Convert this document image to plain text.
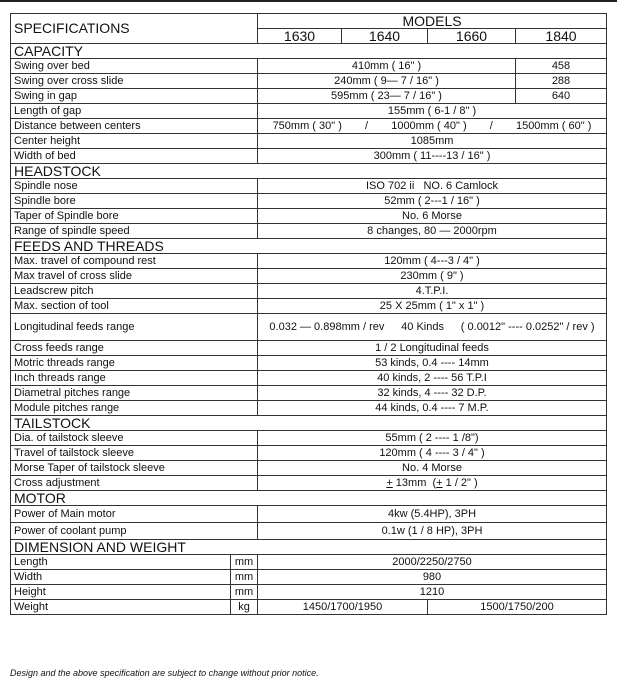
SPECIFICATIONS		MODELS			
		1630	1640	1660	1840
CAPACITY					
Swing over bed		410mm ( 16" )			458
Swing over cross slide		240mm ( 9— 7 / 16" )			288
Swing in gap		595mm ( 23— 7 / 16" )			640
Length of gap		155mm ( 6-1 / 8" )			
Distance between centers		750mm ( 30" ) / 1000mm ( 40" ) / 1500mm ( 60" )			

Center height		1085mm			
Width of bed		300mm ( 11----13 / 16" )			
HEADSTOCK					
Spindle nose		ISO 702 ii   NO. 6 Camlock			
Spindle bore		52mm ( 2---1 / 16" )			
Taper of Spindle bore		No. 6 Morse			
Range of spindle speed		8 changes, 80 — 2000rpm			
FEEDS AND THREADS					
Max. travel of compound rest		120mm ( 4---3 / 4" )			
Max travel of cross slide		230mm ( 9" )			
Leadscrew pitch		4.T.P.I.			
Max. section of tool		25 X 25mm ( 1" x 1" )			
Longitudinal feeds range		0.032 — 0.898mm / rev 40 Kinds ( 0.0012" ---- 0.0252" / rev )			

Cross feeds range		1 / 2 Longitudinal feeds			
Motric threads range		53 kinds, 0.4 ---- 14mm			
Inch threads range		40 kinds, 2 ---- 56 T.P.I			
Diametral pitches range		32 kinds, 4 ---- 32 D.P.			
Module pitches range		44 kinds, 0.4 ---- 7 M.P.			
TAILSTOCK					
Dia. of tailstock sleeve		55mm ( 2 ---- 1 /8")			
Travel of tailstock sleeve		120mm ( 4 ---- 3 / 4" )			
Morse Taper of tailstock sleeve		No. 4 Morse			
Cross adjustment		+ 13mm  (+ 1 / 2" )			
MOTOR					
Power of Main motor		4kw (5.4HP), 3PH			
Power of coolant pump		0.1w (1 / 8 HP), 3PH			
DIMENSION AND WEIGHT					
Length	mm	2000/2250/2750			
Width	mm	980			
Height	mm	1210			
Weight	kg	1450/1700/1950		1500/1750/200	
Design and the above specification are subject to change without prior notice.
